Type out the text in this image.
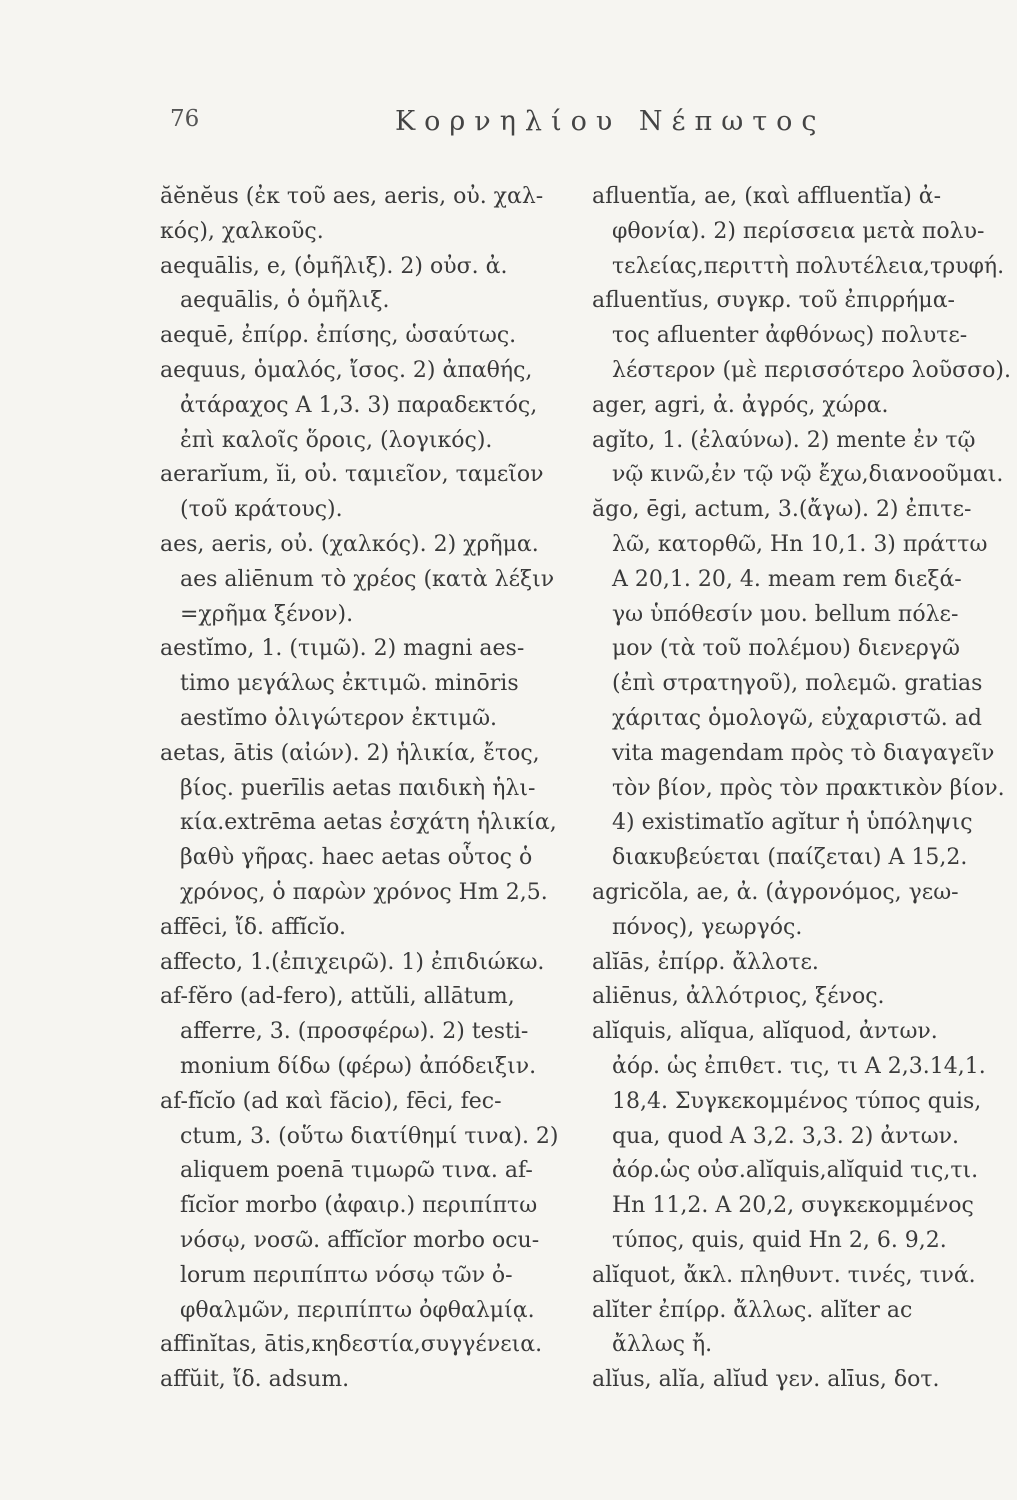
76	Κορνηλίου Νέπωτος
ăĕnĕus (ἐκ τοῦ aes, aeris, οὐ. χαλ-
κός), χαλκοῦς.
aequālis, e, (ὁμῆλιξ). 2) οὐσ. ἀ.
aequālis, ὁ ὁμῆλιξ.
aequē, ἐπίρρ. ἐπίσης, ὡσαύτως.
aequus, ὁμαλός, ἴσος. 2) ἀπαθής,
ἀτάραχος Α 1,3. 3) παραδεκτός,
ἐπὶ καλοῖς ὅροις, (λογικός).
aerarĭum, ĭi, οὐ. ταμιεῖον, ταμεῖον
(τοῦ κράτους).
aes, aeris, οὐ. (χαλκός). 2) χρῆμα.
aes aliēnum τὸ χρέος (κατὰ λέξιν
=χρῆμα ξένον).
aestĭmo, 1. (τιμῶ). 2) magni aes-
timo μεγάλως ἐκτιμῶ. minōris
aestĭmo ὀλιγώτερον ἐκτιμῶ.
aetas, ātis (αἰών). 2) ἡλικία, ἔτος,
βίος. puerīlis aetas παιδικὴ ἡλι-
κία.extrēma aetas ἐσχάτη ἡλικία,
βαθὺ γῆρας. haec aetas οὗτος ὁ
χρόνος, ὁ παρὼν χρόνος Hm 2,5.
affēci, ἴδ. affĭcĭo.
affecto, 1.(ἐπιχειρῶ). 1) ἐπιδιώκω.
af-fĕro (ad-fero), attŭli, allātum,
afferre, 3. (προσφέρω). 2) testi-
monium δίδω (φέρω) ἀπόδειξιν.
af-fĭcĭo (ad καὶ făcio), fēci, fec-
ctum, 3. (οὕτω διατίθημί τινα). 2)
aliquem poenā τιμωρῶ τινα. af-
fĭcĭor morbo (ἀφαιρ.) περιπίπτω
νόσῳ, νοσῶ. affĭcĭor morbo ocu-
lorum περιπίπτω νόσῳ τῶν ὀ-
φθαλμῶν, περιπίπτω ὀφθαλμίᾳ.
affinĭtas, ātis,κηδεστία,συγγένεια.
affŭit, ἴδ. adsum.
afluentĭa, ae, (καὶ affluentĭa) ἀ-
φθονία). 2) περίσσεια μετὰ πολυ-
τελείας,περιττὴ πολυτέλεια,τρυφή.
afluentĭus, συγκρ. τοῦ ἐπιρρήμα-
τος afluenter ἀφθόνως) πολυτε-
λέστερον (μὲ περισσότερο λοῦσσο).
ager, agri, ἀ. ἀγρός, χώρα.
agĭto, 1. (ἐλαύνω). 2) mente ἐν τῷ
νῷ κινῶ,ἐν τῷ νῷ ἔχω,διανοοῦμαι.
ăgo, ēgi, actum, 3.(ἄγω). 2) ἐπιτε-
λῶ, κατορθῶ, Hn 10,1. 3) πράττω
A 20,1. 20, 4. meam rem διεξά-
γω ὑπόθεσίν μου. bellum πόλε-
μον (τὰ τοῦ πολέμου) διενεργῶ
(ἐπὶ στρατηγοῦ), πολεμῶ. gratias
χάριτας ὁμολογῶ, εὐχαριστῶ. ad
vita magendam πρὸς τὸ διαγαγεῖν
τὸν βίον, πρὸς τὸν πρακτικὸν βίον.
4) existimatĭo agĭtur ἡ ὑπόληψις
διακυβεύεται (παίζεται) A 15,2.
agricŏla, ae, ἀ. (ἀγρονόμος, γεω-
πόνος), γεωργός.
alĭās, ἐπίρρ. ἄλλοτε.
aliēnus, ἀλλότριος, ξένος.
alĭquis, alĭqua, alĭquod, ἀντων.
ἀόρ. ὡς ἐπιθετ. τις, τι A 2,3.14,1.
18,4. Συγκεκομμένος τύπος quis,
qua, quod A 3,2. 3,3. 2) ἀντων.
ἀόρ.ὡς οὐσ.alĭquis,alĭquid τις,τι.
Hn 11,2. A 20,2, συγκεκομμένος
τύπος, quis, quid Hn 2, 6. 9,2.
alĭquot, ἄκλ. πληθυντ. τινές, τινά.
alĭter ἐπίρρ. ἄλλως. alĭter ac
ἄλλως ἤ.
alĭus, alĭa, alĭud γεν. alīus, δοτ.
